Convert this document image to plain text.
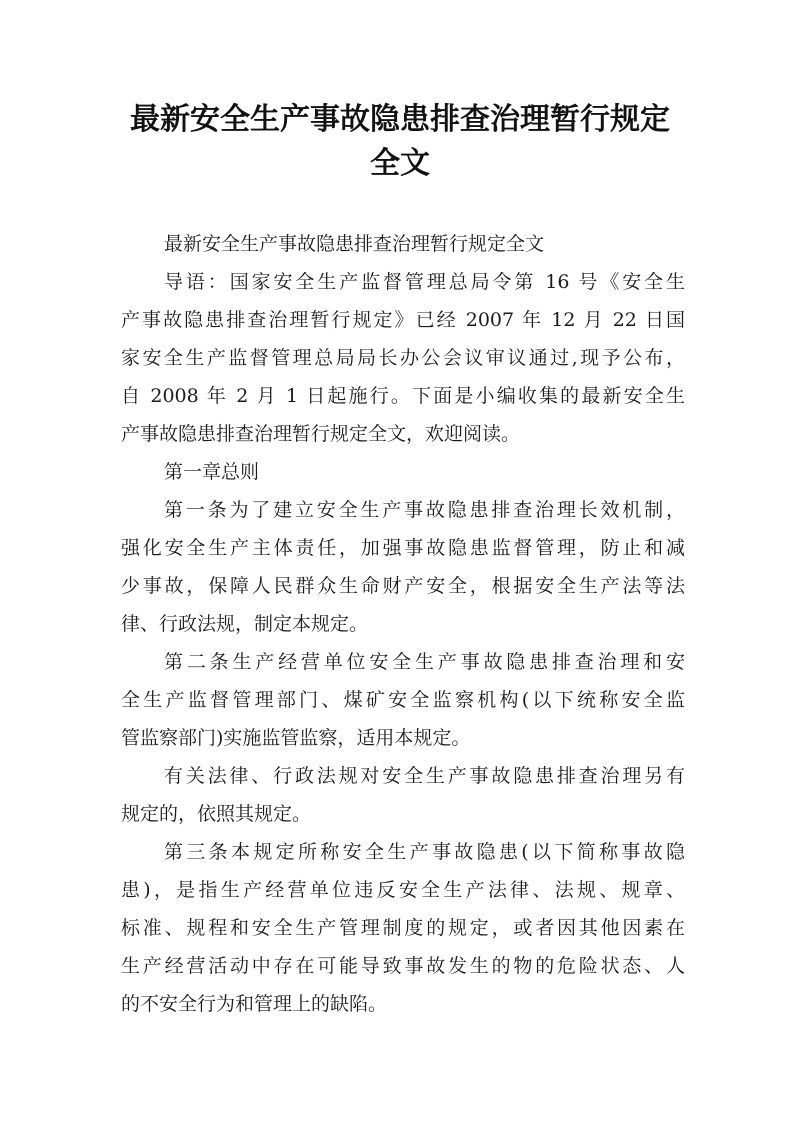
最新安全生产事故隐患排查治理暂行规定
全文
最新安全生产事故隐患排查治理暂行规定全文
导语：国家安全生产监督管理总局令第 16 号《安全生
产事故隐患排查治理暂行规定》已经 2007 年 12 月 22 日国
家安全生产监督管理总局局长办公会议审议通过,现予公布，
自 2008 年 2 月 1 日起施行。下面是小编收集的最新安全生
产事故隐患排查治理暂行规定全文，欢迎阅读。
第一章总则
第一条为了建立安全生产事故隐患排查治理长效机制，
强化安全生产主体责任，加强事故隐患监督管理，防止和减
少事故，保障人民群众生命财产安全，根据安全生产法等法
律、行政法规，制定本规定。
第二条生产经营单位安全生产事故隐患排查治理和安
全生产监督管理部门、煤矿安全监察机构(以下统称安全监
管监察部门)实施监管监察，适用本规定。
有关法律、行政法规对安全生产事故隐患排查治理另有
规定的，依照其规定。
第三条本规定所称安全生产事故隐患(以下简称事故隐
患)，是指生产经营单位违反安全生产法律、法规、规章、
标准、规程和安全生产管理制度的规定，或者因其他因素在
生产经营活动中存在可能导致事故发生的物的危险状态、人
的不安全行为和管理上的缺陷。
